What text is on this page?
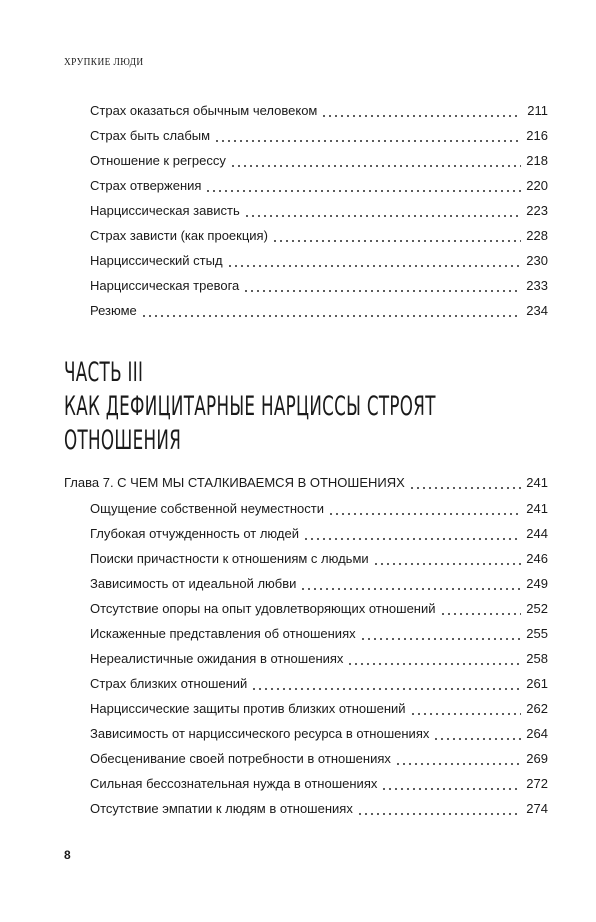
ХРУПКИЕ ЛЮДИ
Страх оказаться обычным человеком	211
Страх быть слабым	216
Отношение к регрессу	218
Страх отвержения	220
Нарциссическая зависть	223
Страх зависти (как проекция)	228
Нарциссический стыд	230
Нарциссическая тревога	233
Резюме	234
ЧАСТЬ III
КАК ДЕФИЦИТАРНЫЕ НАРЦИССЫ СТРОЯТ
ОТНОШЕНИЯ
Глава 7. С ЧЕМ МЫ СТАЛКИВАЕМСЯ В ОТНОШЕНИЯХ	241
Ощущение собственной неуместности	241
Глубокая отчужденность от людей	244
Поиски причастности к отношениям с людьми	246
Зависимость от идеальной любви	249
Отсутствие опоры на опыт удовлетворяющих отношений	252
Искаженные представления об отношениях	255
Нереалистичные ожидания в отношениях	258
Страх близких отношений	261
Нарциссические защиты против близких отношений	262
Зависимость от нарциссического ресурса в отношениях	264
Обесценивание своей потребности в отношениях	269
Сильная бессознательная нужда в отношениях	272
Отсутствие эмпатии к людям в отношениях	274
8
